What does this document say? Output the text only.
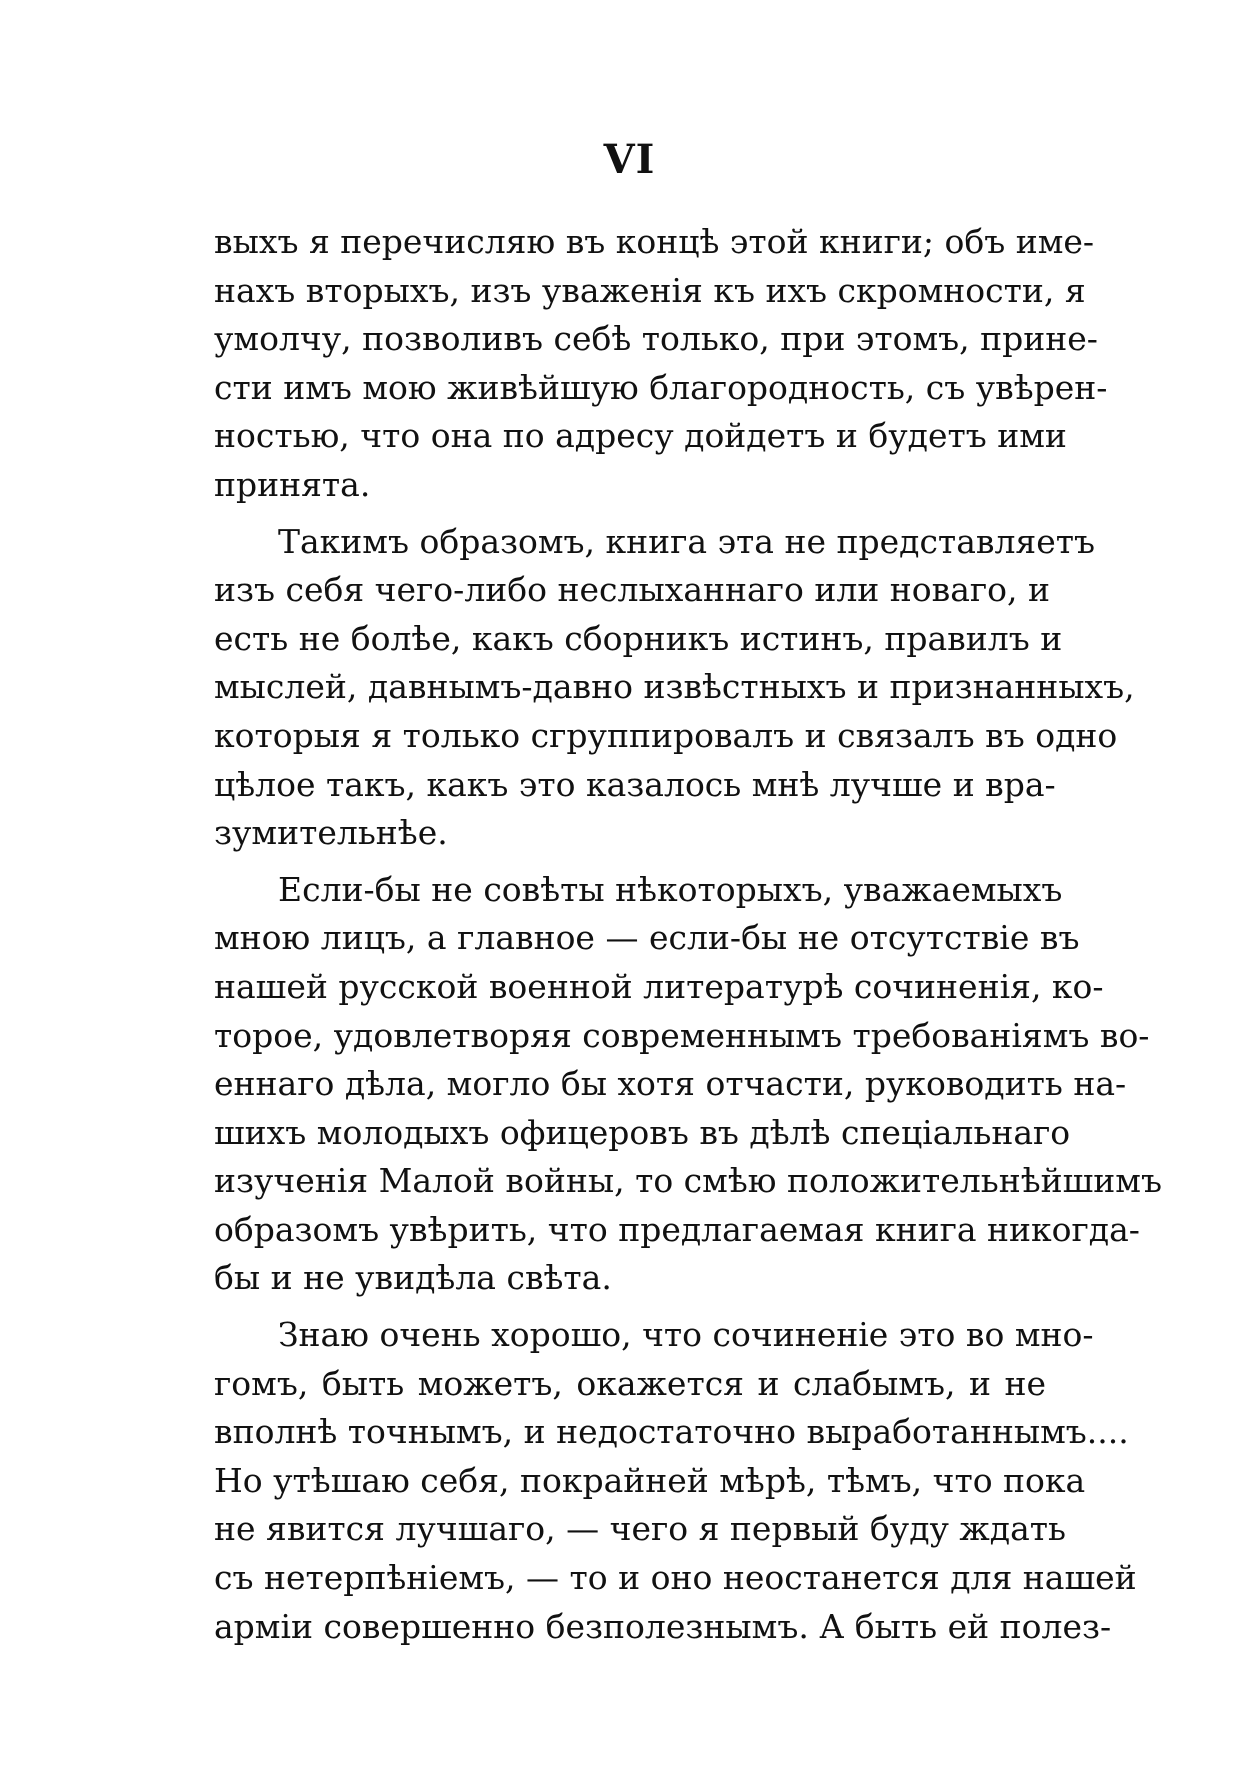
VI
выхъ я перечисляю въ концѣ этой книги; объ име-
нахъ вторыхъ, изъ уваженія къ ихъ скромности, я
умолчу, позволивъ себѣ только, при этомъ, прине-
сти имъ мою живѣйшую благородность, съ увѣрен-
ностью, что она по адресу дойдетъ и будетъ ими
принята.
Такимъ образомъ, книга эта не представляетъ
изъ себя чего-либо неслыханнаго или новаго, и
есть не болѣе, какъ сборникъ истинъ, правилъ и
мыслей, давнымъ-давно извѣстныхъ и признанныхъ,
которыя я только сгруппировалъ и связалъ въ одно
цѣлое такъ, какъ это казалось мнѣ лучше и вра-
зумительнѣе.
Если-бы не совѣты нѣкоторыхъ, уважаемыхъ
мною лицъ, а главное — если-бы не отсутствіе въ
нашей русской военной литературѣ сочиненія, ко-
торое, удовлетворяя современнымъ требованіямъ во-
еннаго дѣла, могло бы хотя отчасти, руководить на-
шихъ молодыхъ офицеровъ въ дѣлѣ спеціальнаго
изученія Малой войны, то смѣю положительнѣйшимъ
образомъ увѣрить, что предлагаемая книга никогда-
бы и не увидѣла свѣта.
Знаю очень хорошо, что сочиненіе это во мно-
гомъ, быть можетъ, окажется и слабымъ, и не
вполнѣ точнымъ, и недостаточно выработаннымъ....
Но утѣшаю себя, покрайней мѣрѣ, тѣмъ, что пока
не явится лучшаго, — чего я первый буду ждать
съ нетерпѣніемъ, — то и оно неостанется для нашей
арміи совершенно безполезнымъ. А быть ей полез-
